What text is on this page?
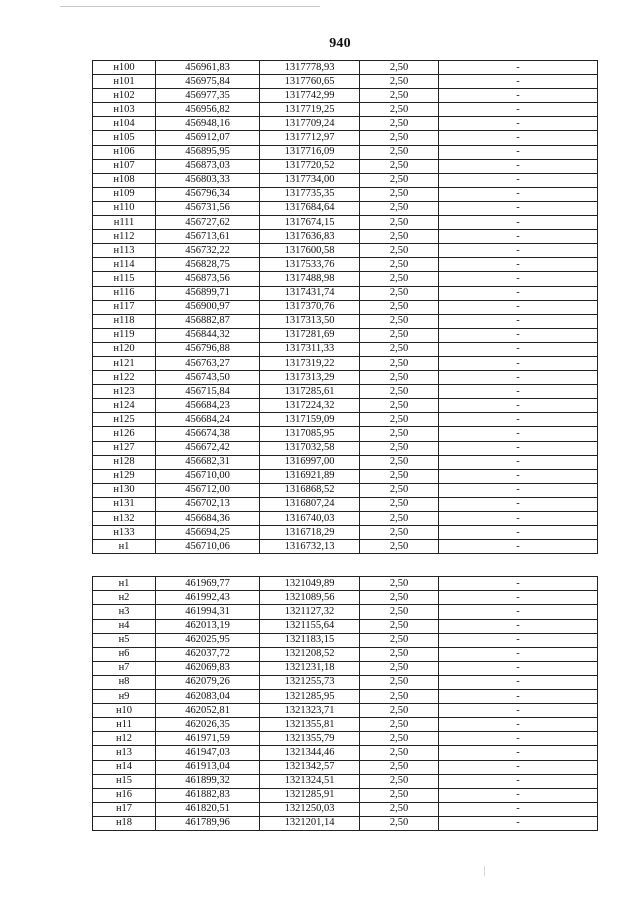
940
н100	456961,83	1317778,93	2,50	-
н101	456975,84	1317760,65	2,50	-
н102	456977,35	1317742,99	2,50	-
н103	456956,82	1317719,25	2,50	-
н104	456948,16	1317709,24	2,50	-
н105	456912,07	1317712,97	2,50	-
н106	456895,95	1317716,09	2,50	-
н107	456873,03	1317720,52	2,50	-
н108	456803,33	1317734,00	2,50	-
н109	456796,34	1317735,35	2,50	-
н110	456731,56	1317684,64	2,50	-
н111	456727,62	1317674,15	2,50	-
н112	456713,61	1317636,83	2,50	-
н113	456732,22	1317600,58	2,50	-
н114	456828,75	1317533,76	2,50	-
н115	456873,56	1317488,98	2,50	-
н116	456899,71	1317431,74	2,50	-
н117	456900,97	1317370,76	2,50	-
н118	456882,87	1317313,50	2,50	-
н119	456844,32	1317281,69	2,50	-
н120	456796,88	1317311,33	2,50	-
н121	456763,27	1317319,22	2,50	-
н122	456743,50	1317313,29	2,50	-
н123	456715,84	1317285,61	2,50	-
н124	456684,23	1317224,32	2,50	-
н125	456684,24	1317159,09	2,50	-
н126	456674,38	1317085,95	2,50	-
н127	456672,42	1317032,58	2,50	-
н128	456682,31	1316997,00	2,50	-
н129	456710,00	1316921,89	2,50	-
н130	456712,00	1316868,52	2,50	-
н131	456702,13	1316807,24	2,50	-
н132	456684,36	1316740,03	2,50	-
н133	456694,25	1316718,29	2,50	-
н1	456710,06	1316732,13	2,50	-

н1	461969,77	1321049,89	2,50	-
н2	461992,43	1321089,56	2,50	-
н3	461994,31	1321127,32	2,50	-
н4	462013,19	1321155,64	2,50	-
н5	462025,95	1321183,15	2,50	-
н6	462037,72	1321208,52	2,50	-
н7	462069,83	1321231,18	2,50	-
н8	462079,26	1321255,73	2,50	-
н9	462083,04	1321285,95	2,50	-
н10	462052,81	1321323,71	2,50	-
н11	462026,35	1321355,81	2,50	-
н12	461971,59	1321355,79	2,50	-
н13	461947,03	1321344,46	2,50	-
н14	461913,04	1321342,57	2,50	-
н15	461899,32	1321324,51	2,50	-
н16	461882,83	1321285,91	2,50	-
н17	461820,51	1321250,03	2,50	-
н18	461789,96	1321201,14	2,50	-
